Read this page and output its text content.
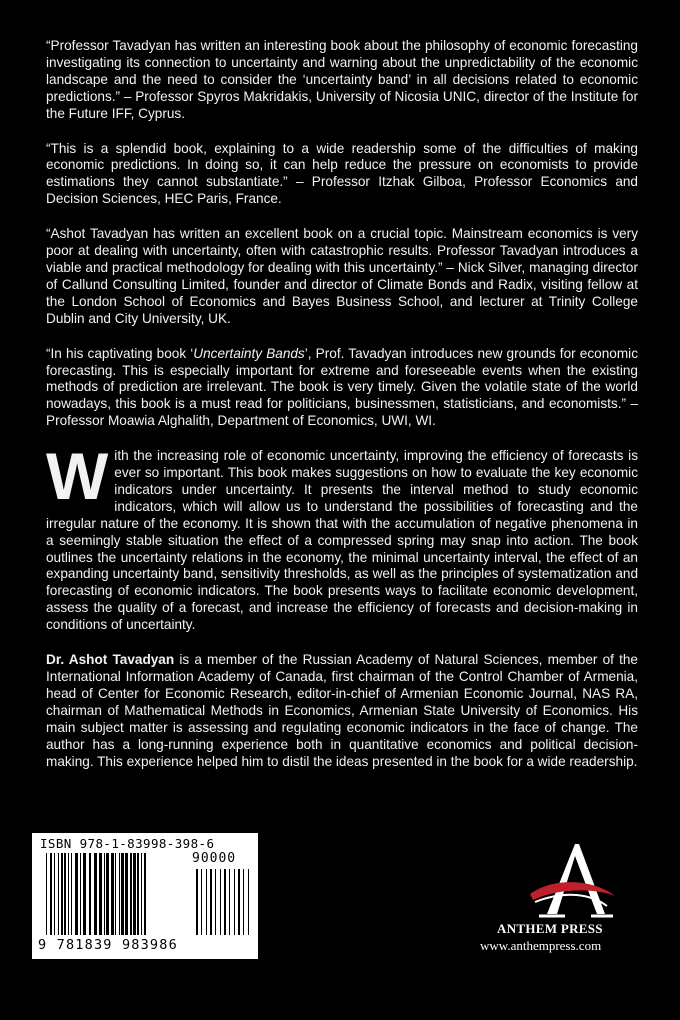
“Professor Tavadyan has written an interesting book about the philosophy of economic forecasting investigating its connection to uncertainty and warning about the unpredictability of the economic landscape and the need to consider the ‘uncertainty band’ in all decisions related to economic predictions.” – Professor Spyros Makridakis, University of Nicosia UNIC, director of the Institute for the Future IFF, Cyprus.

“This is a splendid book, explaining to a wide readership some of the difficulties of making economic predictions. In doing so, it can help reduce the pressure on economists to provide estimations they cannot substantiate.” – Professor Itzhak Gilboa, Professor Economics and Decision Sciences, HEC Paris, France.

“Ashot Tavadyan has written an excellent book on a crucial topic. Mainstream economics is very poor at dealing with uncertainty, often with catastrophic results. Professor Tavadyan introduces a viable and practical methodology for dealing with this uncertainty.” – Nick Silver, managing director of Callund Consulting Limited, founder and director of Climate Bonds and Radix, visiting fellow at the London School of Economics and Bayes Business School, and lecturer at Trinity College Dublin and City University, UK.

“In his captivating book ‘Uncertainty Bands’, Prof. Tavadyan introduces new grounds for economic forecasting. This is especially important for extreme and foreseeable events when the existing methods of prediction are irrelevant. The book is very timely. Given the volatile state of the world nowadays, this book is a must read for politicians, businessmen, statisticians, and economists.” – Professor Moawia Alghalith, Department of Economics, UWI, WI.

With the increasing role of economic uncertainty, improving the efficiency of forecasts is ever so important. This book makes suggestions on how to evaluate the key economic indicators under uncertainty. It presents the interval method to study economic indicators, which will allow us to understand the possibilities of forecasting and the irregular nature of the economy. It is shown that with the accumulation of negative phenomena in a seemingly stable situation the effect of a compressed spring may snap into action. The book outlines the uncertainty relations in the economy, the minimal uncertainty interval, the effect of an expanding uncertainty band, sensitivity thresholds, as well as the principles of systematization and forecasting of economic indicators. The book presents ways to facilitate economic development, assess the quality of a forecast, and increase the efficiency of forecasts and decision-making in conditions of uncertainty.

Dr. Ashot Tavadyan is a member of the Russian Academy of Natural Sciences, member of the International Information Academy of Canada, first chairman of the Control Chamber of Armenia, head of Center for Economic Research, editor-in-chief of Armenian Economic Journal, NAS RA, chairman of Mathematical Methods in Economics, Armenian State University of Economics. His main subject matter is assessing and regulating economic indicators in the face of change. The author has a long-running experience both in quantitative economics and political decision-making. This experience helped him to distil the ideas presented in the book for a wide readership.

ISBN 978-1-83998-398-6
90000
9 781839 983986
ANTHEM PRESS
www.anthempress.com
